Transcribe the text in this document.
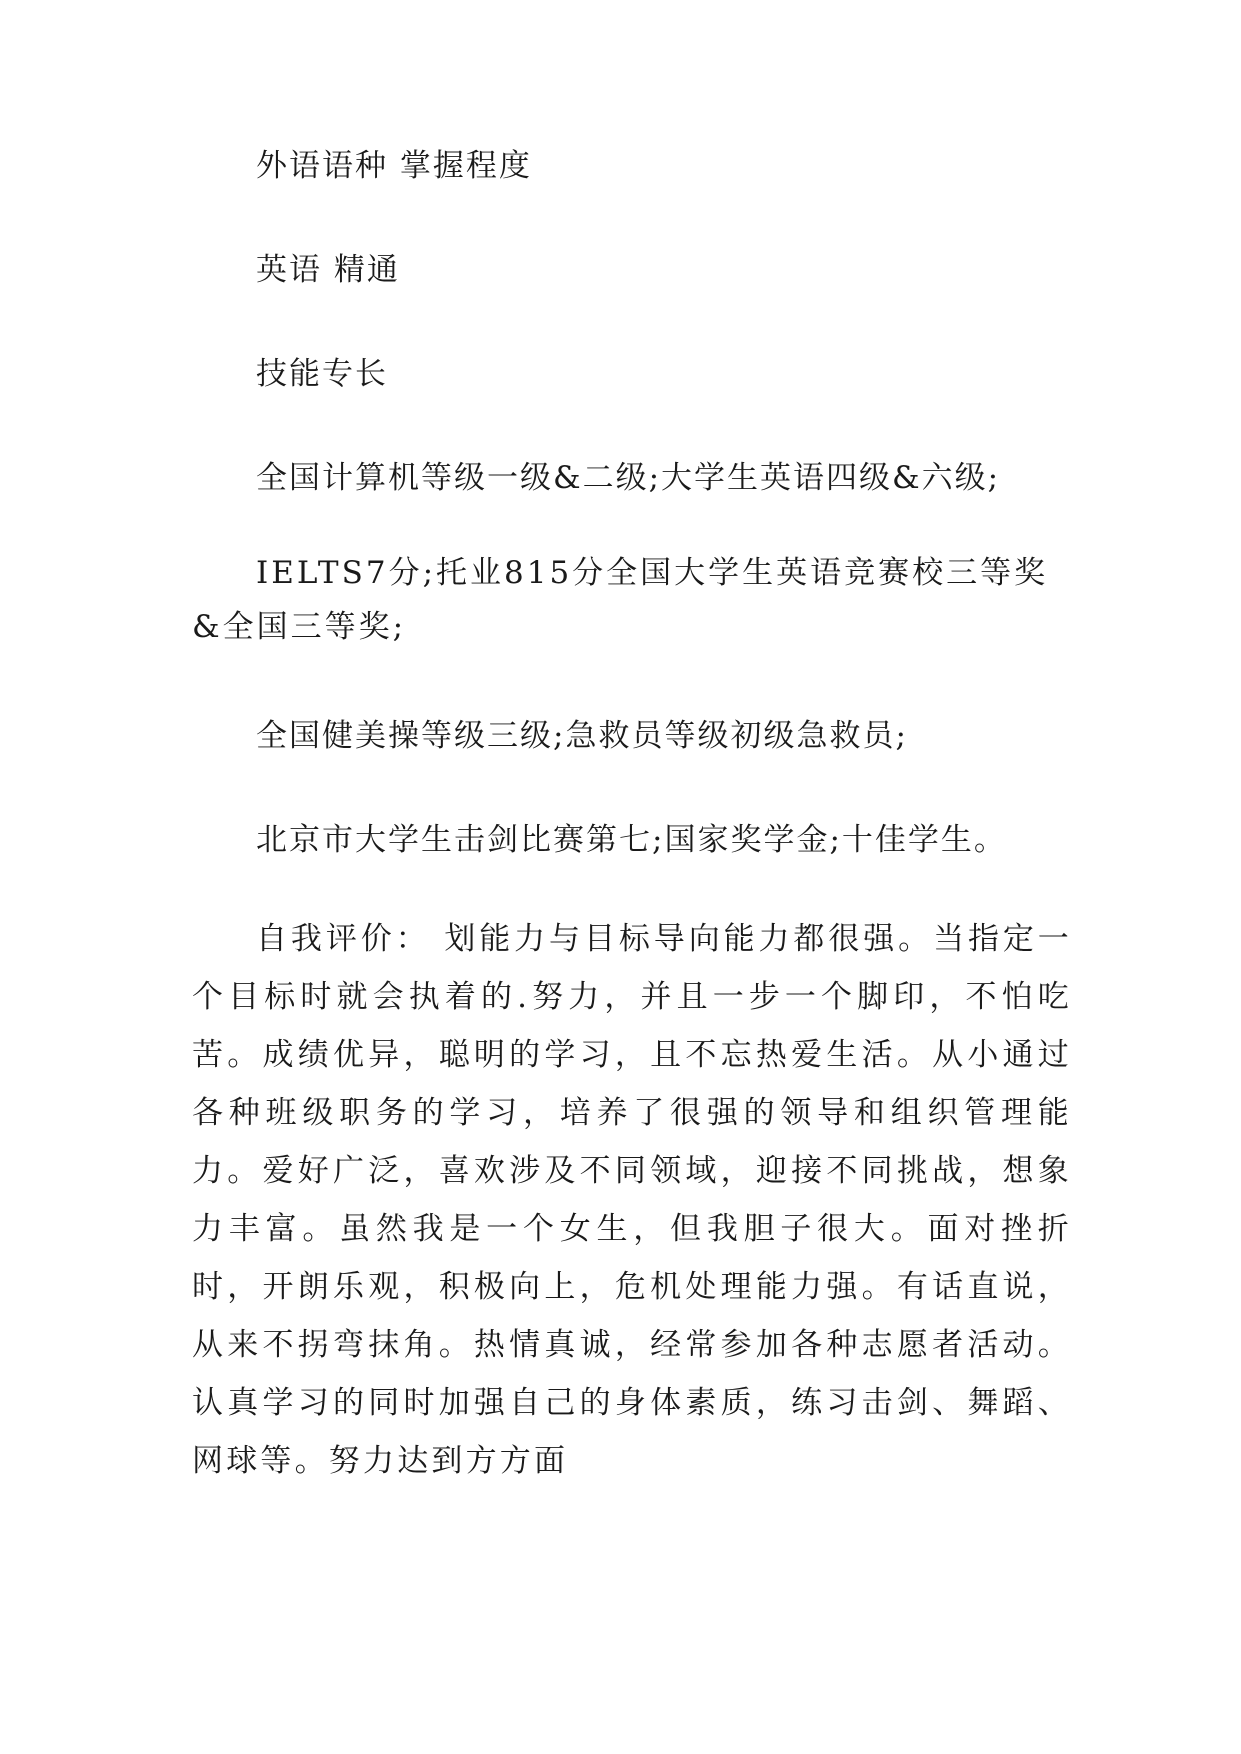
外语语种 掌握程度

英语 精通

技能专长

全国计算机等级一级&二级;大学生英语四级&六级;

IELTS7分;托业815分全国大学生英语竞赛校三等奖&全国三等奖;

全国健美操等级三级;急救员等级初级急救员;

北京市大学生击剑比赛第七;国家奖学金;十佳学生。

自我评价： 划能力与目标导向能力都很强。当指定一个目标时就会执着的.努力，并且一步一个脚印，不怕吃苦。成绩优异，聪明的学习，且不忘热爱生活。从小通过各种班级职务的学习，培养了很强的领导和组织管理能力。爱好广泛，喜欢涉及不同领域，迎接不同挑战，想象力丰富。虽然我是一个女生，但我胆子很大。面对挫折时，开朗乐观，积极向上，危机处理能力强。有话直说，从来不拐弯抹角。热情真诚，经常参加各种志愿者活动。认真学习的同时加强自己的身体素质，练习击剑、舞蹈、网球等。努力达到方方面
